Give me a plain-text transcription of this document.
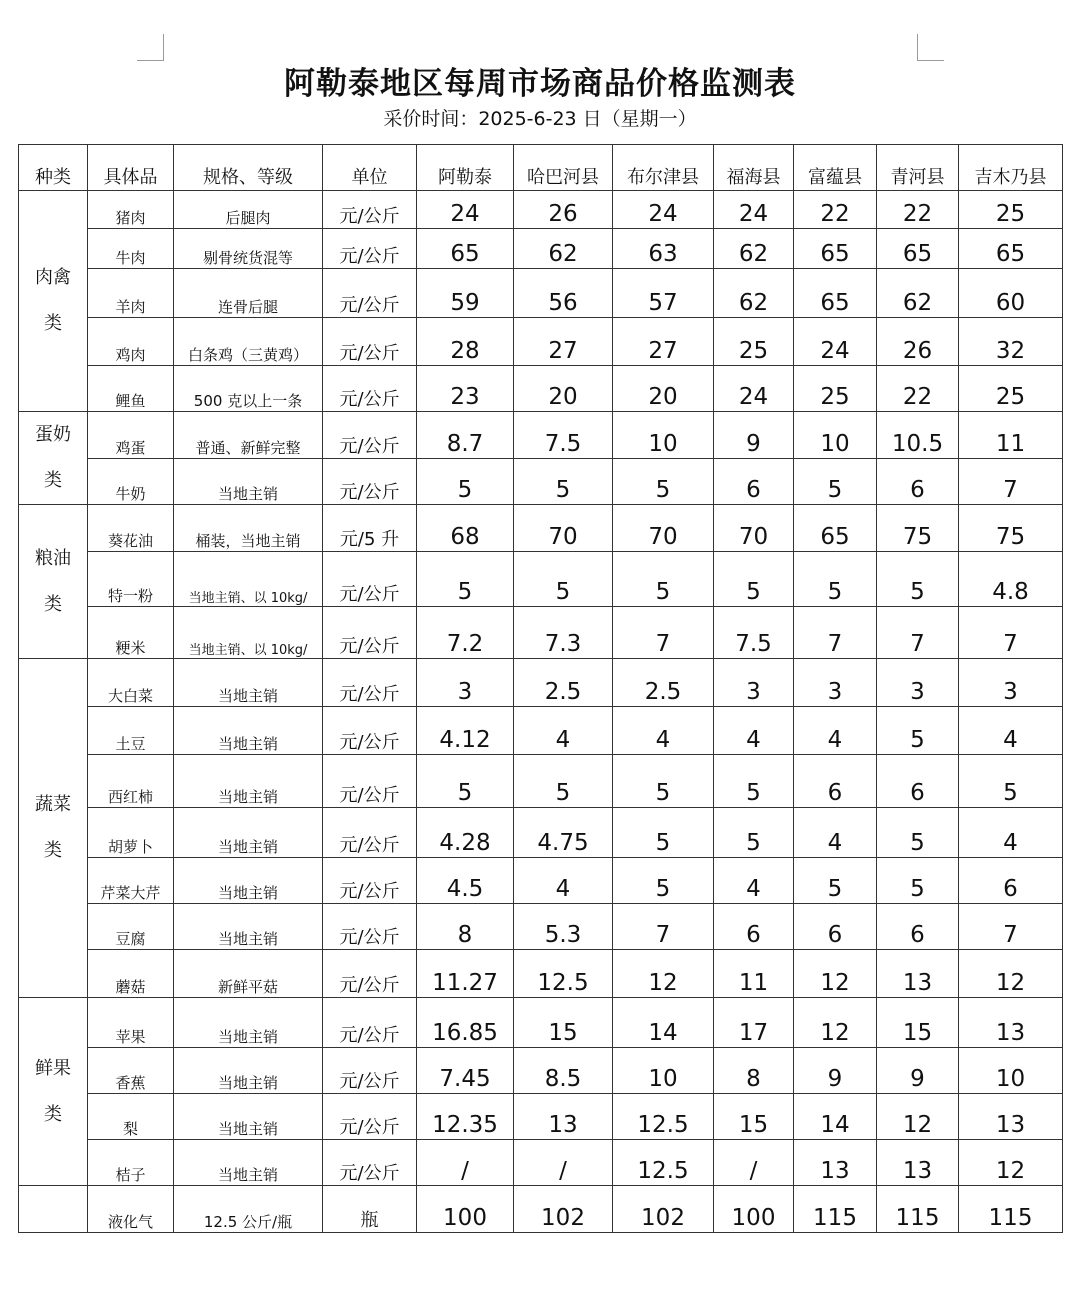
阿勒泰地区每周市场商品价格监测表
采价时间：2025-6-23 日（星期一）
种类	具体品	规格、等级	单位	阿勒泰	哈巴河县	布尔津县	福海县	富蕴县	青河县	吉木乃县
肉禽类	猪肉	后腿肉	元/公斤	24	26	24	24	22	22	25
	牛肉	剔骨统货混等	元/公斤	65	62	63	62	65	65	65
	羊肉	连骨后腿	元/公斤	59	56	57	62	65	62	60
	鸡肉	白条鸡（三黄鸡）	元/公斤	28	27	27	25	24	26	32
	鲤鱼	500 克以上一条	元/公斤	23	20	20	24	25	22	25
蛋奶类	鸡蛋	普通、新鲜完整	元/公斤	8.7	7.5	10	9	10	10.5	11
	牛奶	当地主销	元/公斤	5	5	5	6	5	6	7
粮油类	葵花油	桶装，当地主销	元/5 升	68	70	70	70	65	75	75
	特一粉	当地主销、以 10kg/	元/公斤	5	5	5	5	5	5	4.8
	粳米	当地主销、以 10kg/	元/公斤	7.2	7.3	7	7.5	7	7	7
蔬菜类	大白菜	当地主销	元/公斤	3	2.5	2.5	3	3	3	3
	土豆	当地主销	元/公斤	4.12	4	4	4	4	5	4
	西红柿	当地主销	元/公斤	5	5	5	5	6	6	5
	胡萝卜	当地主销	元/公斤	4.28	4.75	5	5	4	5	4
	芹菜大芹	当地主销	元/公斤	4.5	4	5	4	5	5	6
	豆腐	当地主销	元/公斤	8	5.3	7	6	6	6	7
	蘑菇	新鲜平菇	元/公斤	11.27	12.5	12	11	12	13	12
鲜果类	苹果	当地主销	元/公斤	16.85	15	14	17	12	15	13
	香蕉	当地主销	元/公斤	7.45	8.5	10	8	9	9	10
	梨	当地主销	元/公斤	12.35	13	12.5	15	14	12	13
	桔子	当地主销	元/公斤	/	/	12.5	/	13	13	12
	液化气	12.5 公斤/瓶	瓶	100	102	102	100	115	115	115
